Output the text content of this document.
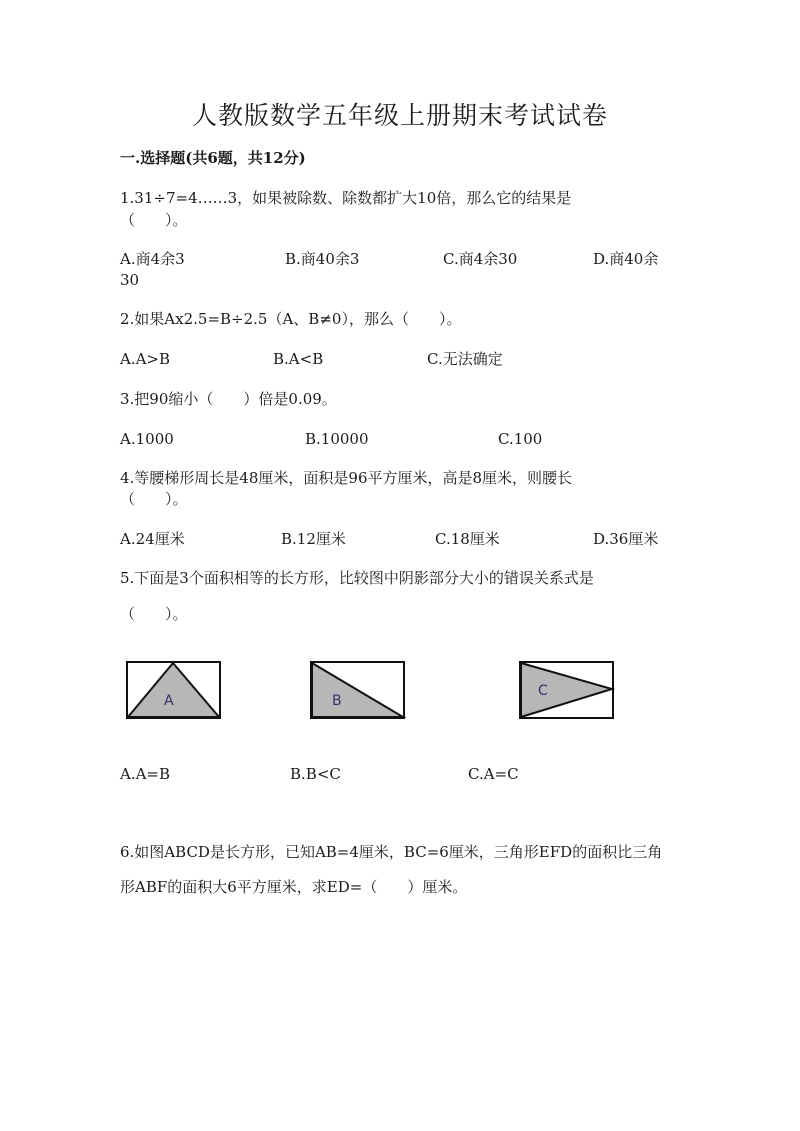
人教版数学五年级上册期末考试试卷
一.选择题(共6题，共12分)
1.31÷7=4……3，如果被除数、除数都扩大10倍，那么它的结果是
（　　）。
A.商4余3	B.商40余3	C.商4余30	D.商40余
30
2.如果Ax2.5=B÷2.5（A、B≠0），那么（　　）。
A.A>B	B.A<B	C.无法确定
3.把90缩小（　　）倍是0.09。
A.1000	B.10000	C.100
4.等腰梯形周长是48厘米，面积是96平方厘米，高是8厘米，则腰长
（　　）。
A.24厘米	B.12厘米	C.18厘米	D.36厘米
5.下面是3个面积相等的长方形，比较图中阴影部分大小的错误关系式是
（　　）。
A	B
C
A.A=B	B.B<C	C.A=C
6.如图ABCD是长方形，已知AB=4厘米，BC=6厘米，三角形EFD的面积比三角
形ABF的面积大6平方厘米，求ED=（　　）厘米。
